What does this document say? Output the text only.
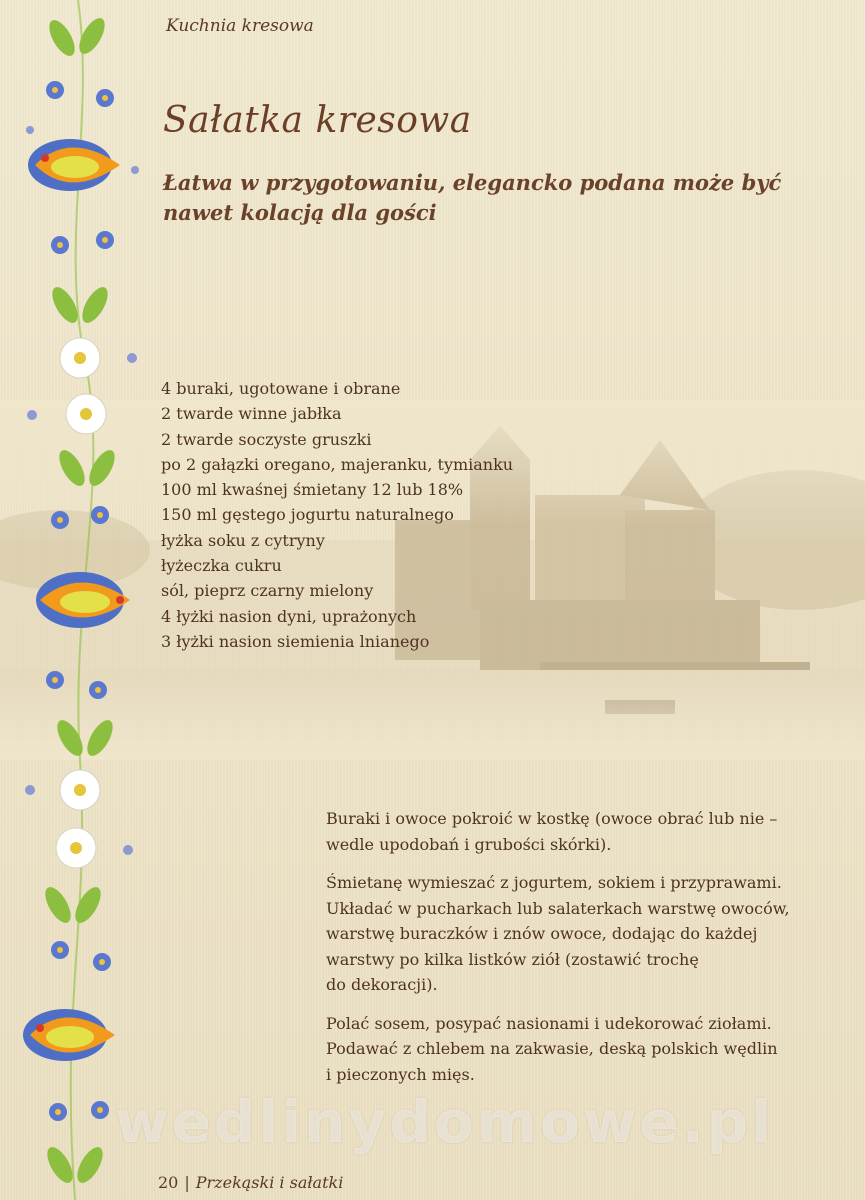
Kuchnia kresowa
Sałatka kresowa
Łatwa w przygotowaniu, elegancko podana może być nawet kolacją dla gości
4 buraki, ugotowane i obrane
2 twarde winne jabłka
2 twarde soczyste gruszki
po 2 gałązki oregano, majeranku, tymianku
100 ml kwaśnej śmietany 12 lub 18%
150 ml gęstego jogurtu naturalnego
łyżka soku z cytryny
łyżeczka cukru
sól, pieprz czarny mielony
4 łyżki nasion dyni, uprażonych
3 łyżki nasion siemienia lnianego

Buraki i owoce pokroić w kostkę (owoce obrać lub nie –
wedle upodobań i grubości skórki).

Śmietanę wymieszać z jogurtem, sokiem i przyprawami.
Układać w pucharkach lub salaterkach warstwę owoców,
warstwę buraczków i znów owoce, dodając do każdej
warstwy po kilka listków ziół (zostawić trochę
do dekoracji).

Polać sosem, posypać nasionami i udekorować ziołami.
Podawać z chlebem na zakwasie, deską polskich wędlin
i pieczonych mięs.

wedlinydomowe.pl
20 | Przekąski i sałatki
